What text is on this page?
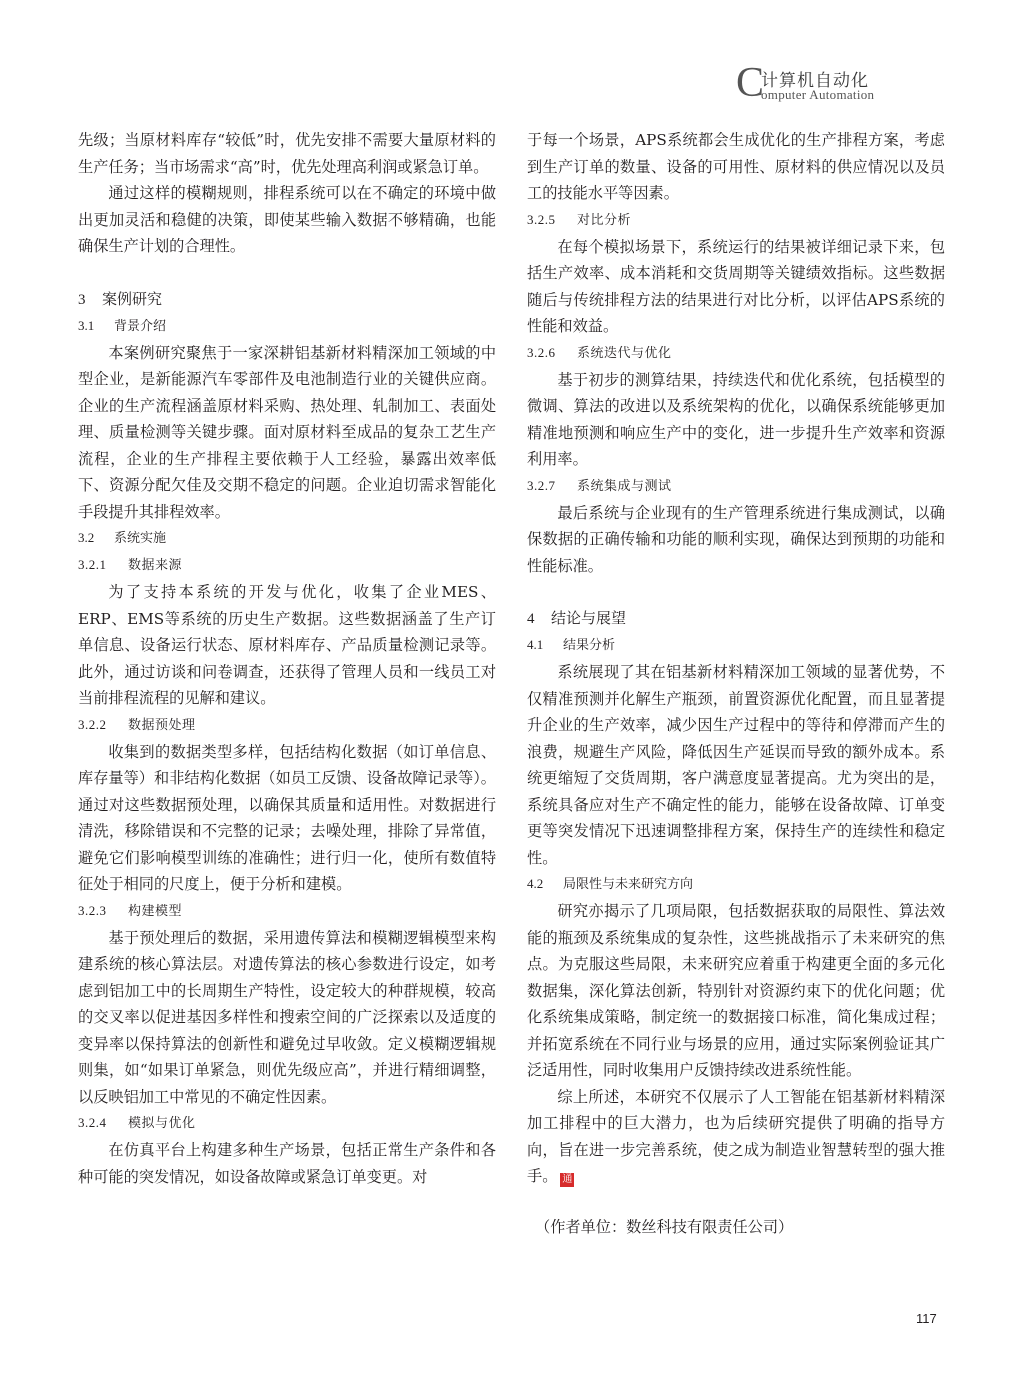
C
计算机自动化
omputer Automation

先级；当原材料库存“较低”时，优先安排不需要大量原材料的生产任务；当市场需求“高”时，优先处理高利润或紧急订单。

通过这样的模糊规则，排程系统可以在不确定的环境中做出更加灵活和稳健的决策，即使某些输入数据不够精确，也能确保生产计划的合理性。

3 案例研究
3.1 背景介绍

本案例研究聚焦于一家深耕铝基新材料精深加工领域的中型企业，是新能源汽车零部件及电池制造行业的关键供应商。企业的生产流程涵盖原材料采购、热处理、轧制加工、表面处理、质量检测等关键步骤。面对原材料至成品的复杂工艺生产流程，企业的生产排程主要依赖于人工经验，暴露出效率低下、资源分配欠佳及交期不稳定的问题。企业迫切需求智能化手段提升其排程效率。

3.2 系统实施
3.2.1 数据来源

为了支持本系统的开发与优化，收集了企业MES、ERP、EMS等系统的历史生产数据。这些数据涵盖了生产订单信息、设备运行状态、原材料库存、产品质量检测记录等。此外，通过访谈和问卷调查，还获得了管理人员和一线员工对当前排程流程的见解和建议。

3.2.2 数据预处理

收集到的数据类型多样，包括结构化数据（如订单信息、库存量等）和非结构化数据（如员工反馈、设备故障记录等）。通过对这些数据预处理，以确保其质量和适用性。对数据进行清洗，移除错误和不完整的记录；去噪处理，排除了异常值，避免它们影响模型训练的准确性；进行归一化，使所有数值特征处于相同的尺度上，便于分析和建模。

3.2.3 构建模型

基于预处理后的数据，采用遗传算法和模糊逻辑模型来构建系统的核心算法层。对遗传算法的核心参数进行设定，如考虑到铝加工中的长周期生产特性，设定较大的种群规模，较高的交叉率以促进基因多样性和搜索空间的广泛探索以及适度的变异率以保持算法的创新性和避免过早收敛。定义模糊逻辑规则集，如“如果订单紧急，则优先级应高”，并进行精细调整，以反映铝加工中常见的不确定性因素。

3.2.4 模拟与优化

在仿真平台上构建多种生产场景，包括正常生产条件和各种可能的突发情况，如设备故障或紧急订单变更。对

于每一个场景，APS系统都会生成优化的生产排程方案，考虑到生产订单的数量、设备的可用性、原材料的供应情况以及员工的技能水平等因素。

3.2.5 对比分析

在每个模拟场景下，系统运行的结果被详细记录下来，包括生产效率、成本消耗和交货周期等关键绩效指标。这些数据随后与传统排程方法的结果进行对比分析，以评估APS系统的性能和效益。

3.2.6 系统迭代与优化

基于初步的测算结果，持续迭代和优化系统，包括模型的微调、算法的改进以及系统架构的优化，以确保系统能够更加精准地预测和响应生产中的变化，进一步提升生产效率和资源利用率。

3.2.7 系统集成与测试

最后系统与企业现有的生产管理系统进行集成测试，以确保数据的正确传输和功能的顺利实现，确保达到预期的功能和性能标准。

4 结论与展望
4.1 结果分析

系统展现了其在铝基新材料精深加工领域的显著优势，不仅精准预测并化解生产瓶颈，前置资源优化配置，而且显著提升企业的生产效率，减少因生产过程中的等待和停滞而产生的浪费，规避生产风险，降低因生产延误而导致的额外成本。系统更缩短了交货周期，客户满意度显著提高。尤为突出的是，系统具备应对生产不确定性的能力，能够在设备故障、订单变更等突发情况下迅速调整排程方案，保持生产的连续性和稳定性。

4.2 局限性与未来研究方向

研究亦揭示了几项局限，包括数据获取的局限性、算法效能的瓶颈及系统集成的复杂性，这些挑战指示了未来研究的焦点。为克服这些局限，未来研究应着重于构建更全面的多元化数据集，深化算法创新，特别针对资源约束下的优化问题；优化系统集成策略，制定统一的数据接口标准，简化集成过程；并拓宽系统在不同行业与场景的应用，通过实际案例验证其广泛适用性，同时收集用户反馈持续改进系统性能。

综上所述，本研究不仅展示了人工智能在铝基新材料精深加工排程中的巨大潜力，也为后续研究提供了明确的指导方向，旨在进一步完善系统，使之成为制造业智慧转型的强大推手。 通

（作者单位：数丝科技有限责任公司）

117
